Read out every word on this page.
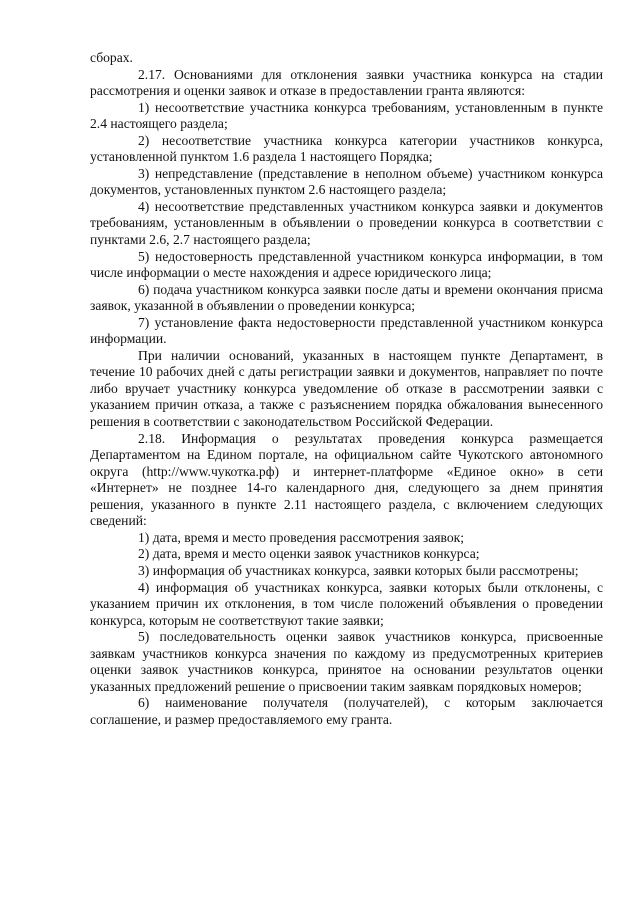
сборах.

2.17. Основаниями для отклонения заявки участника конкурса на стадии рассмотрения и оценки заявок и отказе в предоставлении гранта являются:

1) несоответствие участника конкурса требованиям, установленным в пункте 2.4 настоящего раздела;

2) несоответствие участника конкурса категории участников конкурса, установленной пунктом 1.6 раздела 1 настоящего Порядка;

3) непредставление (представление в неполном объеме) участником конкурса документов, установленных пунктом 2.6 настоящего раздела;

4) несоответствие представленных участником конкурса заявки и документов требованиям, установленным в объявлении о проведении конкурса в соответствии с пунктами 2.6, 2.7 настоящего раздела;

5) недостоверность представленной участником конкурса информации, в том числе информации о месте нахождения и адресе юридического лица;

6) подача участником конкурса заявки после даты и времени окончания присма заявок, указанной в объявлении о проведении конкурса;

7) установление факта недостоверности представленной участником конкурса информации.

При наличии оснований, указанных в настоящем пункте Департамент, в течение 10 рабочих дней с даты регистрации заявки и документов, направляет по почте либо вручает участнику конкурса уведомление об отказе в рассмотрении заявки с указанием причин отказа, а также с разъяснением порядка обжалования вынесенного решения в соответствии с законодательством Российской Федерации.

2.18. Информация о результатах проведения конкурса размещается Департаментом на Едином портале, на официальном сайте Чукотского автономного округа (http://www.чукотка.рф) и интернет-платформе «Единое окно» в сети «Интернет» не позднее 14-го календарного дня, следующего за днем принятия решения, указанного в пункте 2.11 настоящего раздела, с включением следующих сведений:

1) дата, время и место проведения рассмотрения заявок;

2) дата, время и место оценки заявок участников конкурса;

3) информация об участниках конкурса, заявки которых были рассмотрены;

4) информация об участниках конкурса, заявки которых были отклонены, с указанием причин их отклонения, в том числе положений объявления о проведении конкурса, которым не соответствуют такие заявки;

5) последовательность оценки заявок участников конкурса, присвоенные заявкам участников конкурса значения по каждому из предусмотренных критериев оценки заявок участников конкурса, принятое на основании результатов оценки указанных предложений решение о присвоении таким заявкам порядковых номеров;

6) наименование получателя (получателей), с которым заключается соглашение, и размер предоставляемого ему гранта.
